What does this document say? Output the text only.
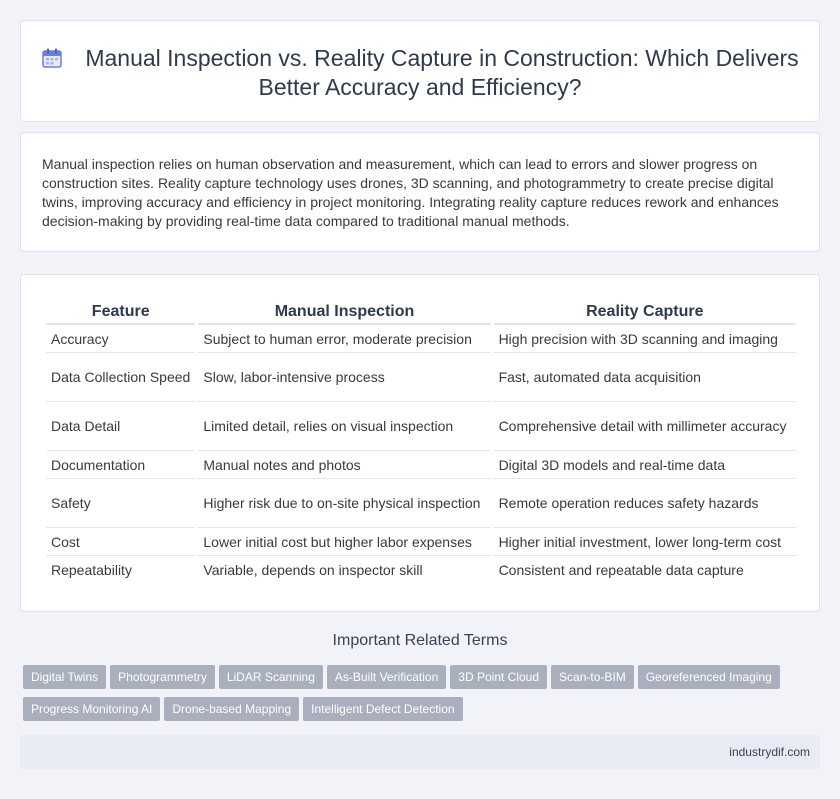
Manual Inspection vs. Reality Capture in Construction: Which Delivers Better Accuracy and Efficiency?

Manual inspection relies on human observation and measurement, which can lead to errors and slower progress on construction sites. Reality capture technology uses drones, 3D scanning, and photogrammetry to create precise digital twins, improving accuracy and efficiency in project monitoring. Integrating reality capture reduces rework and enhances decision-making by providing real-time data compared to traditional manual methods.

Feature	Manual Inspection	Reality Capture
Accuracy	Subject to human error, moderate precision	High precision with 3D scanning and imaging
Data Collection Speed	Slow, labor-intensive process	Fast, automated data acquisition
Data Detail	Limited detail, relies on visual inspection	Comprehensive detail with millimeter accuracy
Documentation	Manual notes and photos	Digital 3D models and real-time data
Safety	Higher risk due to on-site physical inspection	Remote operation reduces safety hazards
Cost	Lower initial cost but higher labor expenses	Higher initial investment, lower long-term cost
Repeatability	Variable, depends on inspector skill	Consistent and repeatable data capture
Important Related Terms
Digital Twins Photogrammetry LiDAR Scanning As-Built Verification 3D Point Cloud Scan-to-BIM Georeferenced Imaging
Progress Monitoring AI Drone-based Mapping Intelligent Defect Detection
industrydif.com
